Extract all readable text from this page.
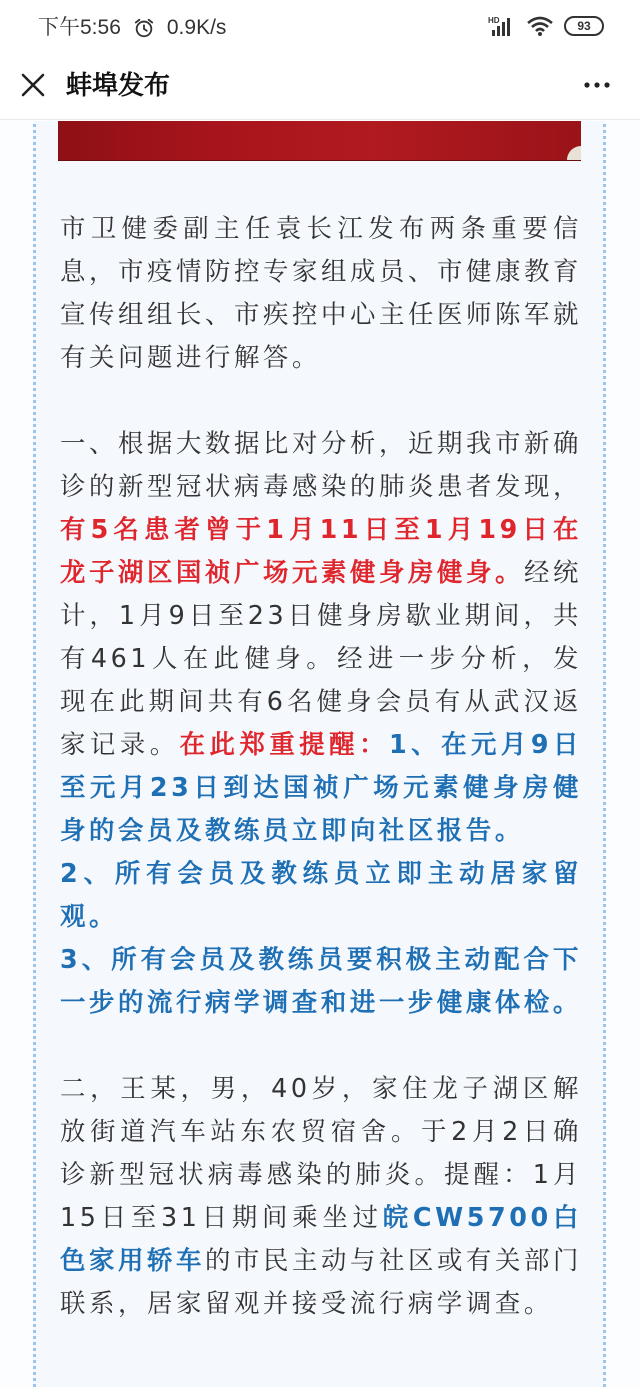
下午5:56 0.9K/s	HD	93
蚌埠发布

市卫健委副主任袁长江发布两条重要信息，市疫情防控专家组成员、市健康教育宣传组组长、市疾控中心主任医师陈军就有关问题进行解答。

一、根据大数据比对分析，近期我市新确诊的新型冠状病毒感染的肺炎患者发现，有5名患者曾于1月11日至1月19日在龙子湖区国祯广场元素健身房健身。经统计，1月9日至23日健身房歇业期间，共有461人在此健身。经进一步分析，发现在此期间共有6名健身会员有从武汉返家记录。在此郑重提醒：1、在元月9日至元月23日到达国祯广场元素健身房健身的会员及教练员立即向社区报告。
2、所有会员及教练员立即主动居家留观。
3、所有会员及教练员要积极主动配合下一步的流行病学调查和进一步健康体检。

二，王某，男，40岁，家住龙子湖区解放街道汽车站东农贸宿舍。于2月2日确诊新型冠状病毒感染的肺炎。提醒：1月15日至31日期间乘坐过皖CW5700白色家用轿车的市民主动与社区或有关部门联系，居家留观并接受流行病学调查。
